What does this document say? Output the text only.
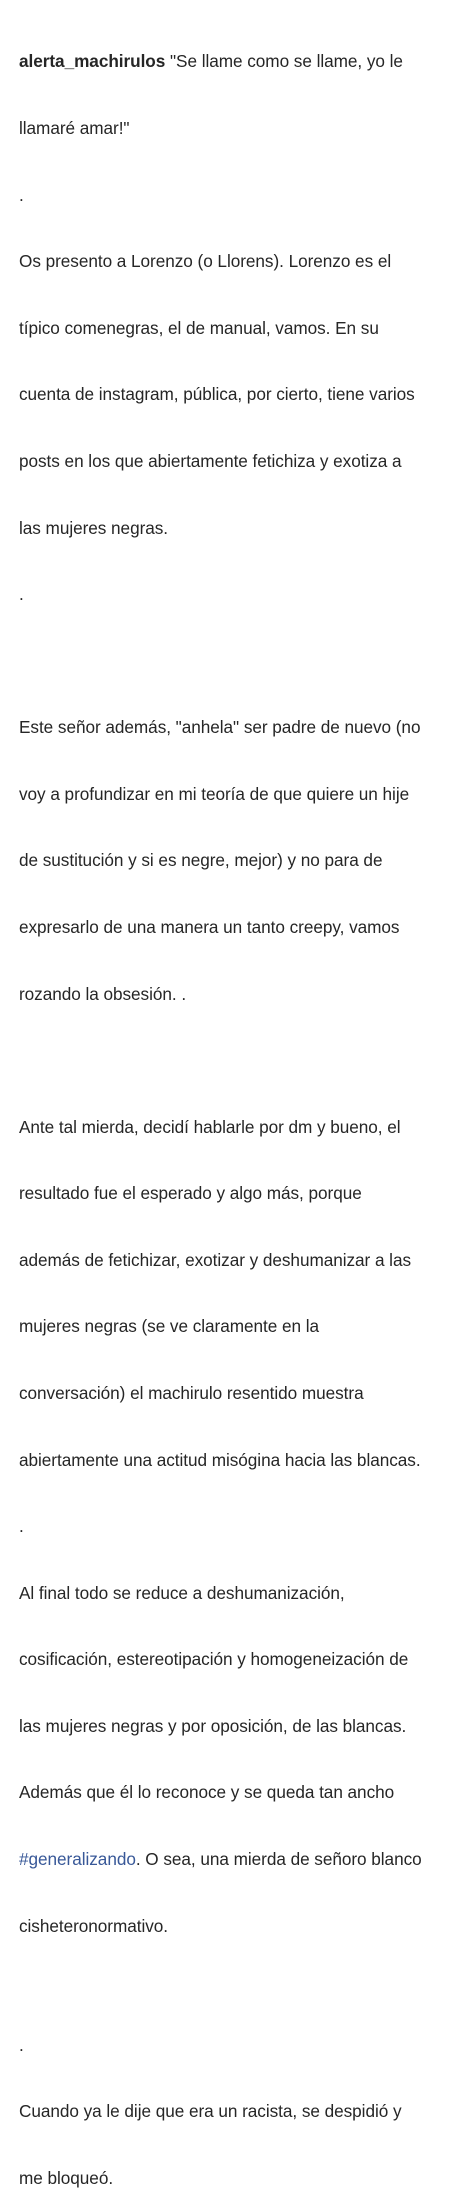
alerta_machirulos "Se llame como se llame, yo le

llamaré amar!"

.

Os presento a Lorenzo (o Llorens). Lorenzo es el

típico comenegras, el de manual, vamos. En su

cuenta de instagram, pública, por cierto, tiene varios

posts en los que abiertamente fetichiza y exotiza a

las mujeres negras.

.

Este señor además, "anhela" ser padre de nuevo (no

voy a profundizar en mi teoría de que quiere un hije

de sustitución y si es negre, mejor) y no para de

expresarlo de una manera un tanto creepy, vamos

rozando la obsesión. .

Ante tal mierda, decidí hablarle por dm y bueno, el

resultado fue el esperado y algo más, porque

además de fetichizar, exotizar y deshumanizar a las

mujeres negras (se ve claramente en la

conversación) el machirulo resentido muestra

abiertamente una actitud misógina hacia las blancas.

.

Al final todo se reduce a deshumanización,

cosificación, estereotipación y homogeneización de

las mujeres negras y por oposición, de las blancas.

Además que él lo reconoce y se queda tan ancho

#generalizando. O sea, una mierda de señoro blanco

cisheteronormativo.

.

Cuando ya le dije que era un racista, se despidió y

me bloqueó.
